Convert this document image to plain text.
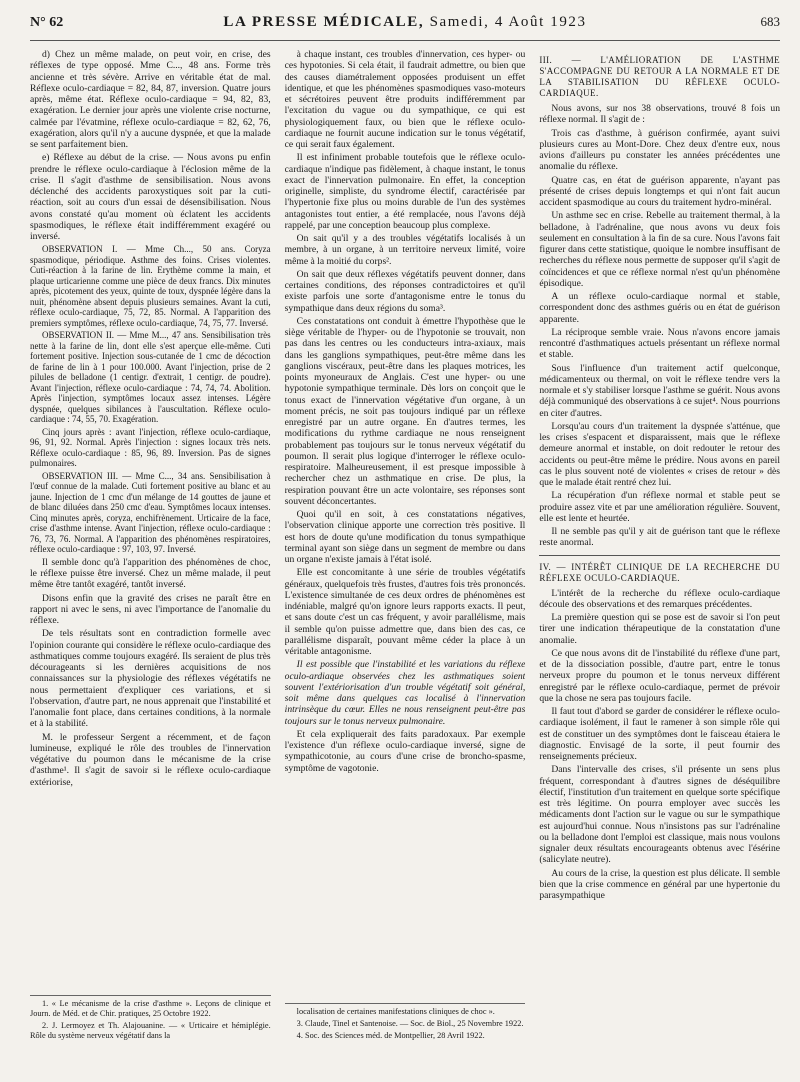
N° 62	LA PRESSE MÉDICALE, Samedi, 4 Août 1923	683

d) Chez un même malade, on peut voir, en crise, des réflexes de type opposé. Mme C..., 48 ans. Forme très ancienne et très sévère. Arrive en véritable état de mal. Réflexe oculo-cardiaque = 82, 84, 87, inversion. Quatre jours après, même état. Réflexe oculo-cardiaque = 94, 82, 83, exagération. Le dernier jour après une violente crise nocturne, calmée par l'évatmine, réflexe oculo-cardiaque = 82, 62, 76, exagération, alors qu'il n'y a aucune dyspnée, et que la malade se sent parfaitement bien.

e) Réflexe au début de la crise. — Nous avons pu enfin prendre le réflexe oculo-cardiaque à l'éclosion même de la crise. Il s'agit d'asthme de sensibilisation. Nous avons déclenché des accidents paroxystiques soit par la cuti-réaction, soit au cours d'un essai de désensibilisation. Nous avons constaté qu'au moment où éclatent les accidents spasmodiques, le réflexe était indifféremment exagéré ou inversé.

OBSERVATION I. — Mme Ch..., 50 ans. Coryza spasmodique, périodique. Asthme des foins. Crises violentes. Cuti-réaction à la farine de lin. Erythème comme la main, et plaque urticarienne comme une pièce de deux francs. Dix minutes après, picotement des yeux, quinte de toux, dyspnée légère dans la nuit, phénomène absent depuis plusieurs semaines. Avant la cuti, réflexe oculo-cardiaque, 75, 72, 85. Normal. A l'apparition des premiers symptômes, réflexe oculo-cardiaque, 74, 75, 77. Inversé.

OBSERVATION II. — Mme M..., 47 ans. Sensibilisation très nette à la farine de lin, dont elle s'est aperçue elle-même. Cuti fortement positive. Injection sous-cutanée de 1 cmc de décoction de farine de lin à 1 pour 100.000. Avant l'injection, prise de 2 pilules de belladone (1 centigr. d'extrait, 1 centigr. de poudre). Avant l'injection, réflexe oculo-cardiaque : 74, 74, 74. Abolition. Après l'injection, symptômes locaux assez intenses. Légère dyspnée, quelques sibilances à l'auscultation. Réflexe oculo-cardiaque : 74, 55, 70. Exagération.

Cinq jours après : avant l'injection, réflexe oculo-cardiaque, 96, 91, 92. Normal. Après l'injection : signes locaux très nets. Réflexe oculo-cardiaque : 85, 96, 89. Inversion. Pas de signes pulmonaires.

OBSERVATION III. — Mme C..., 34 ans. Sensibilisation à l'œuf connue de la malade. Cuti fortement positive au blanc et au jaune. Injection de 1 cmc d'un mélange de 14 gouttes de jaune et de blanc diluées dans 250 cmc d'eau. Symptômes locaux intenses. Cinq minutes après, coryza, enchifrènement. Urticaire de la face, crise d'asthme intense. Avant l'injection, réflexe oculo-cardiaque : 76, 73, 76. Normal. A l'apparition des phénomènes respiratoires, réflexe oculo-cardiaque : 97, 103, 97. Inversé.

Il semble donc qu'à l'apparition des phénomènes de choc, le réflexe puisse être inversé. Chez un même malade, il peut même être tantôt exagéré, tantôt inversé.

Disons enfin que la gravité des crises ne paraît être en rapport ni avec le sens, ni avec l'importance de l'anomalie du réflexe.

De tels résultats sont en contradiction formelle avec l'opinion courante qui considère le réflexe oculo-cardiaque des asthmatiques comme toujours exagéré. Ils seraient de plus très décourageants si les dernières acquisitions de nos connaissances sur la physiologie des réflexes végétatifs ne nous permettaient d'expliquer ces variations, et si l'observation, d'autre part, ne nous apprenait que l'instabilité et l'anomalie font place, dans certaines conditions, à la normale et à la stabilité.

M. le professeur Sergent a récemment, et de façon lumineuse, expliqué le rôle des troubles de l'innervation végétative du poumon dans le mécanisme de la crise d'asthme¹. Il s'agit de savoir si le réflexe oculo-cardiaque extériorise,

1. « Le mécanisme de la crise d'asthme ». Leçons de clinique et Journ. de Méd. et de Chir. pratiques, 25 Octobre 1922.

2. J. Lermoyez et Th. Alajouanine. — « Urticaire et hémiplégie. Rôle du système nerveux végétatif dans la

à chaque instant, ces troubles d'innervation, ces hyper- ou ces hypotonies. Si cela était, il faudrait admettre, ou bien que des causes diamétralement opposées produisent un effet identique, et que les phénomènes spasmodiques vaso-moteurs et sécrétoires peuvent être produits indifféremment par l'excitation du vague ou du sympathique, ce qui est physiologiquement faux, ou bien que le réflexe oculo-cardiaque ne fournit aucune indication sur le tonus végétatif, ce qui serait faux également.

Il est infiniment probable toutefois que le réflexe oculo-cardiaque n'indique pas fidèlement, à chaque instant, le tonus exact de l'innervation pulmonaire. En effet, la conception originelle, simpliste, du syndrome électif, caractérisée par l'hypertonie fixe plus ou moins durable de l'un des systèmes antagonistes tout entier, a été remplacée, nous l'avons déjà rappelé, par une conception beaucoup plus complexe.

On sait qu'il y a des troubles végétatifs localisés à un membre, à un organe, à un territoire nerveux limité, voire même à la moitié du corps².

On sait que deux réflexes végétatifs peuvent donner, dans certaines conditions, des réponses contradictoires et qu'il existe parfois une sorte d'antagonisme entre le tonus du sympathique dans deux régions du soma³.

Ces constatations ont conduit à émettre l'hypothèse que le siège véritable de l'hyper- ou de l'hypotonie se trouvait, non pas dans les centres ou les conducteurs intra-axiaux, mais dans les ganglions sympathiques, peut-être même dans les ganglions viscéraux, peut-être dans les plaques motrices, les points myoneuraux de Anglais. C'est une hyper- ou une hypotonie sympathique terminale. Dès lors on conçoit que le tonus exact de l'innervation végétative d'un organe, à un moment précis, ne soit pas toujours indiqué par un réflexe enregistré par un autre organe. En d'autres termes, les modifications du rythme cardiaque ne nous renseignent probablement pas toujours sur le tonus nerveux végétatif du poumon. Il serait plus logique d'interroger le réflexe oculo-respiratoire. Malheureusement, il est presque impossible à rechercher chez un asthmatique en crise. De plus, la respiration pouvant être un acte volontaire, ses réponses sont souvent déconcertantes.

Quoi qu'il en soit, à ces constatations négatives, l'observation clinique apporte une correction très positive. Il est hors de doute qu'une modification du tonus sympathique terminal ayant son siège dans un segment de membre ou dans un organe n'existe jamais à l'état isolé.

Elle est concomitante à une série de troubles végétatifs généraux, quelquefois très frustes, d'autres fois très prononcés. L'existence simultanée de ces deux ordres de phénomènes est indéniable, malgré qu'on ignore leurs rapports exacts. Il peut, et sans doute c'est un cas fréquent, y avoir parallélisme, mais il semble qu'on puisse admettre que, dans bien des cas, ce parallélisme disparaît, pouvant même céder la place à un véritable antagonisme.

Il est possible que l'instabilité et les variations du réflexe oculo-ardiaque observées chez les asthmatiques soient souvent l'extériorisation d'un trouble végétatif soit général, soit même dans quelques cas localisé à l'innervation intrinsèque du cœur. Elles ne nous renseignent peut-être pas toujours sur le tonus nerveux pulmonaire.

Et cela expliquerait des faits paradoxaux. Par exemple l'existence d'un réflexe oculo-cardiaque inversé, signe de sympathicotonie, au cours d'une crise de broncho-spasme, symptôme de vagotonie.

localisation de certaines manifestations cliniques de choc ».

3. Claude, Tinel et Santenoise. — Soc. de Biol., 25 Novembre 1922.

4. Soc. des Sciences méd. de Montpellier, 28 Avril 1922.

III. — L'AMÉLIORATION DE L'ASTHME S'ACCOMPAGNE DU RETOUR A LA NORMALE ET DE LA STABILISATION DU RÉFLEXE OCULO-CARDIAQUE.

Nous avons, sur nos 38 observations, trouvé 8 fois un réflexe normal. Il s'agit de :

Trois cas d'asthme, à guérison confirmée, ayant suivi plusieurs cures au Mont-Dore. Chez deux d'entre eux, nous avions d'ailleurs pu constater les années précédentes une anomalie du réflexe.

Quatre cas, en état de guérison apparente, n'ayant pas présenté de crises depuis longtemps et qui n'ont fait aucun accident spasmodique au cours du traitement hydro-minéral.

Un asthme sec en crise. Rebelle au traitement thermal, à la belladone, à l'adrénaline, que nous avons vu deux fois seulement en consultation à la fin de sa cure. Nous l'avons fait figurer dans cette statistique, quoique le nombre insuffisant de recherches du réflexe nous permette de supposer qu'il s'agit de coïncidences et que ce réflexe normal n'est qu'un phénomène épisodique.

A un réflexe oculo-cardiaque normal et stable, correspondent donc des asthmes guéris ou en état de guérison apparente.

La réciproque semble vraie. Nous n'avons encore jamais rencontré d'asthmatiques actuels présentant un réflexe normal et stable.

Sous l'influence d'un traitement actif quelconque, médicamenteux ou thermal, on voit le réflexe tendre vers la normale et s'y stabiliser lorsque l'asthme se guérit. Nous avons déjà communiqué des observations à ce sujet⁴. Nous pourrions en citer d'autres.

Lorsqu'au cours d'un traitement la dyspnée s'atténue, que les crises s'espacent et disparaissent, mais que le réflexe demeure anormal et instable, on doit redouter le retour des accidents ou peut-être même le prédire. Nous avons en pareil cas le plus souvent noté de violentes « crises de retour » dès que le malade était rentré chez lui.

La récupération d'un réflexe normal et stable peut se produire assez vite et par une amélioration régulière. Souvent, elle est lente et heurtée.

Il ne semble pas qu'il y ait de guérison tant que le réflexe reste anormal.

IV. — INTÉRÊT CLINIQUE DE LA RECHERCHE DU RÉFLEXE OCULO-CARDIAQUE.

L'intérêt de la recherche du réflexe oculo-cardiaque découle des observations et des remarques précédentes.

La première question qui se pose est de savoir si l'on peut tirer une indication thérapeutique de la constatation d'une anomalie.

Ce que nous avons dit de l'instabilité du réflexe d'une part, et de la dissociation possible, d'autre part, entre le tonus nerveux propre du poumon et le tonus nerveux différent enregistré par le réflexe oculo-cardiaque, permet de prévoir que la chose ne sera pas toujours facile.

Il faut tout d'abord se garder de considérer le réflexe oculo-cardiaque isolément, il faut le ramener à son simple rôle qui est de constituer un des symptômes dont le faisceau étaiera le diagnostic. Envisagé de la sorte, il peut fournir des renseignements précieux.

Dans l'intervalle des crises, s'il présente un sens plus fréquent, correspondant à d'autres signes de déséquilibre électif, l'institution d'un traitement en quelque sorte spécifique est très légitime. On pourra employer avec succès les médicaments dont l'action sur le vague ou sur le sympathique est aujourd'hui connue. Nous n'insistons pas sur l'adrénaline ou la belladone dont l'emploi est classique, mais nous voulons signaler deux résultats encourageants obtenus avec l'ésérine (salicylate neutre).

Au cours de la crise, la question est plus délicate. Il semble bien que la crise commence en général par une hypertonie du parasympathique
